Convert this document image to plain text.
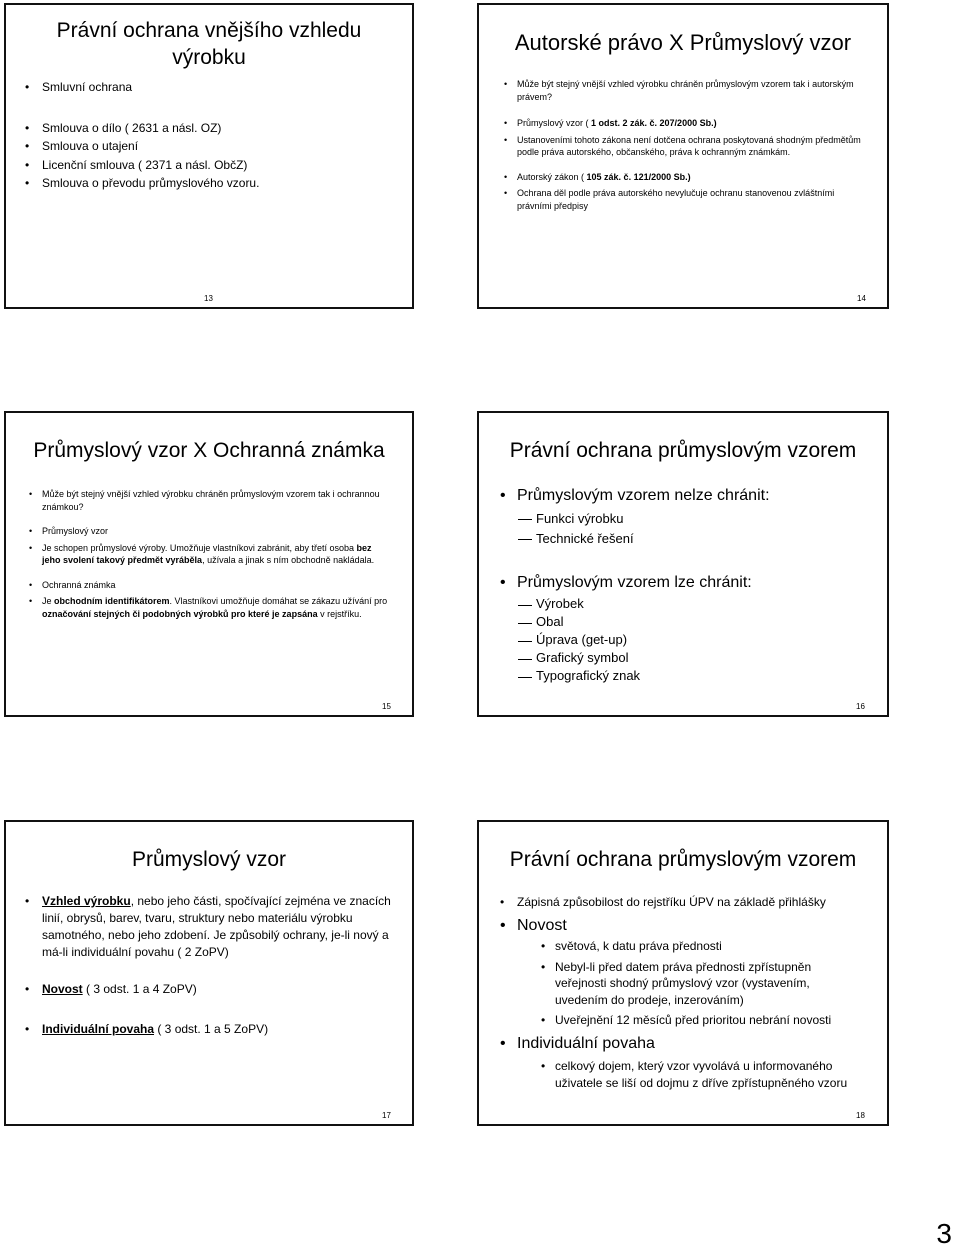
Právní ochrana vnějšího vzhledu výrobku
• Smluvní ochrana
• Smlouva o dílo ( 2631 a násl. OZ)
• Smlouva o utajení
• Licenční smlouva ( 2371 a násl. ObčZ)
• Smlouva o převodu průmyslového vzoru.
13
Autorské právo X Průmyslový vzor
• Může být stejný vnější vzhled výrobku chráněn průmyslovým vzorem tak i autorským právem?
• Průmyslový vzor ( 1 odst. 2 zák. č. 207/2000 Sb.)
• Ustanoveními tohoto zákona není dotčena ochrana poskytovaná shodným předmětům podle práva autorského, občanského, práva k ochranným známkám.
• Autorský zákon ( 105 zák. č. 121/2000 Sb.)
• Ochrana děl podle práva autorského nevylučuje ochranu stanovenou zvláštními právními předpisy
14
Průmyslový vzor X Ochranná známka
• Může být stejný vnější vzhled výrobku chráněn průmyslovým vzorem tak i ochrannou známkou?
• Průmyslový vzor
• Je schopen průmyslové výroby. Umožňuje vlastníkovi zabránit, aby třetí osoba bez jeho svolení takový předmět vyráběla, užívala a jinak s ním obchodně nakládala.
• Ochranná známka
• Je obchodním identifikátorem. Vlastníkovi umožňuje domáhat se zákazu užívání pro označování stejných či podobných výrobků pro které je zapsána v rejstříku.
15
Právní ochrana průmyslovým vzorem
• Průmyslovým vzorem nelze chránit:
Funkci výrobku
Technické řešení
• Průmyslovým vzorem lze chránit:
Výrobek
Obal
Úprava (get-up)
Grafický symbol
Typografický znak
16
Průmyslový vzor
• Vzhled výrobku, nebo jeho části, spočívající zejména ve znacích linií, obrysů, barev, tvaru, struktury nebo materiálu výrobku samotného, nebo jeho zdobení. Je způsobilý ochrany, je-li nový a má-li individuální povahu ( 2 ZoPV)
• Novost ( 3 odst. 1 a 4 ZoPV)
• Individuální povaha ( 3 odst. 1 a 5 ZoPV)
17
Právní ochrana průmyslovým vzorem
• Zápisná způsobilost do rejstříku ÚPV na základě přihlášky
• Novost
• světová, k datu práva přednosti
• Nebyl-li před datem práva přednosti zpřístupněn veřejnosti shodný průmyslový vzor (vystavením, uvedením do prodeje, inzerováním)
• Uveřejnění 12 měsíců před prioritou nebrání novosti
• Individuální povaha
• celkový dojem, který vzor vyvolává u informovaného uživatele se liší od dojmu z dříve zpřístupněného vzoru
18
3
